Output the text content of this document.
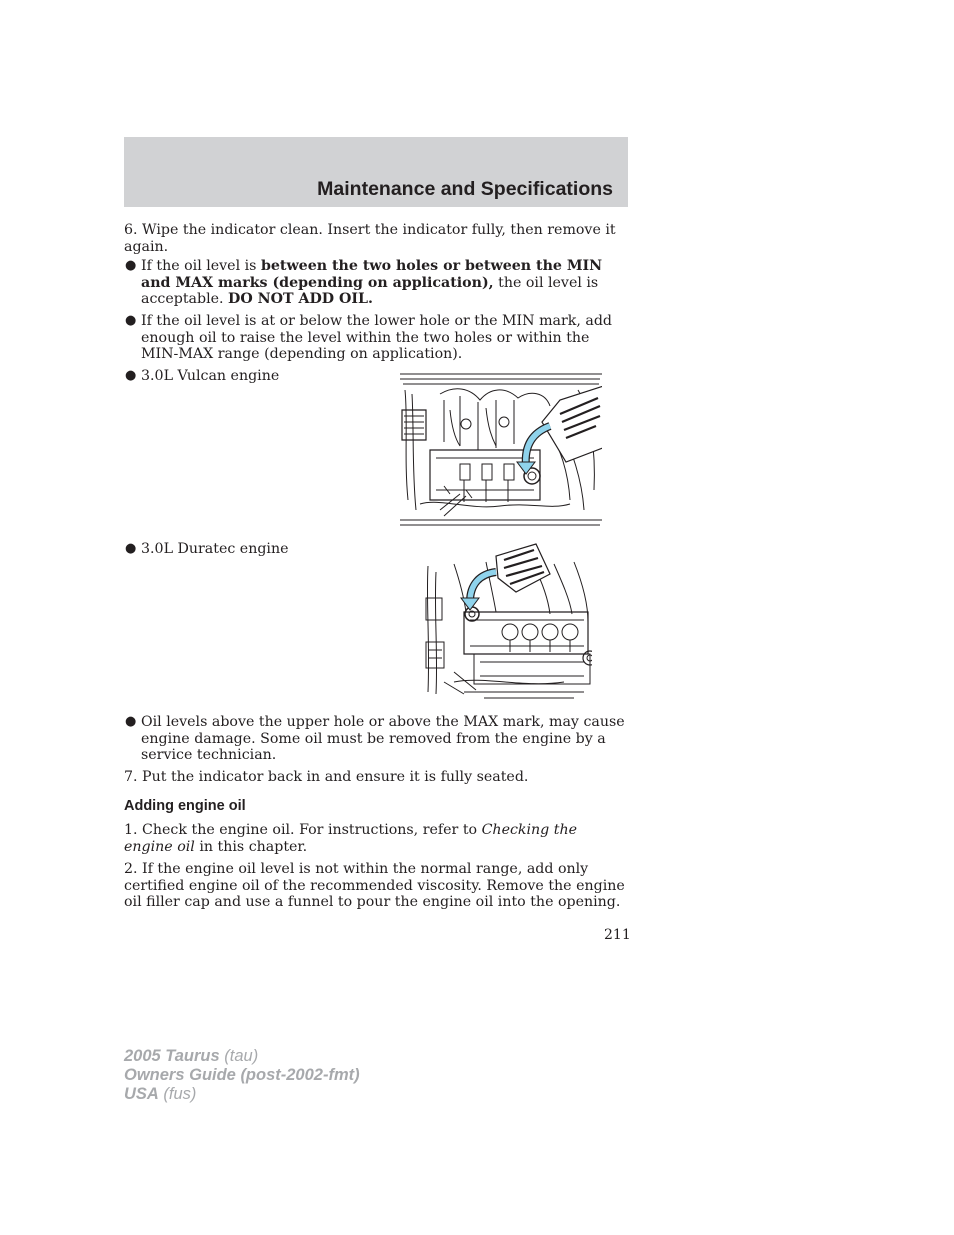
Maintenance and Specifications
6. Wipe the indicator clean. Insert the indicator fully, then remove it again.
● If the oil level is between the two holes or between the MIN and MAX marks (depending on application), the oil level is acceptable. DO NOT ADD OIL.
● If the oil level is at or below the lower hole or the MIN mark, add enough oil to raise the level within the two holes or within the MIN-MAX range (depending on application).
● 3.0L Vulcan engine
● 3.0L Duratec engine
● Oil levels above the upper hole or above the MAX mark, may cause engine damage. Some oil must be removed from the engine by a service technician.
7. Put the indicator back in and ensure it is fully seated.
Adding engine oil
1. Check the engine oil. For instructions, refer to Checking the engine oil in this chapter.
2. If the engine oil level is not within the normal range, add only certified engine oil of the recommended viscosity. Remove the engine oil filler cap and use a funnel to pour the engine oil into the opening.
211
2005 Taurus (tau)
Owners Guide (post-2002-fmt)
USA (fus)
